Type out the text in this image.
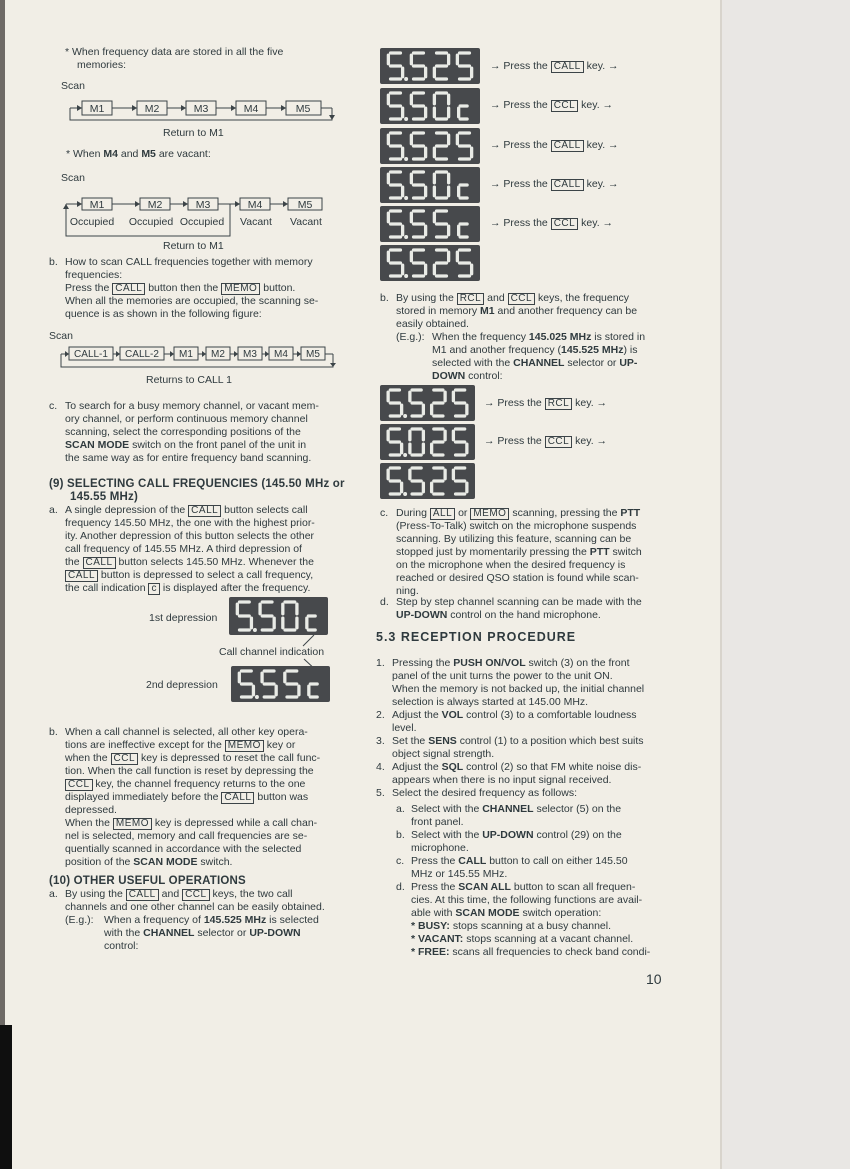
* When frequency data are stored in all the five
memories:
Scan
M1	M2	M3	M4	M5
Return to M1
* When M4 and M5 are vacant:
Scan
M1	M2	M3	M4	M5
Occupied Occupied Occupied Vacant Vacant
Return to M1
b. How to scan CALL frequencies together with memory
frequencies:
Press the CALL button then the MEMO button.
When all the memories are occupied, the scanning se-
quence is as shown in the following figure:
Scan
CALL-1 CALL-2 M1 M2 M3 M4 M5
Returns to CALL 1
c. To search for a busy memory channel, or vacant mem-
ory channel, or perform continuous memory channel
scanning, select the corresponding positions of the
SCAN MODE switch on the front panel of the unit in
the same way as for entire frequency band scanning.
(9) SELECTING CALL FREQUENCIES (145.50 MHz or
145.55 MHz)
a. A single depression of the CALL button selects call
frequency 145.50 MHz, the one with the highest prior-
ity. Another depression of this button selects the other
call frequency of 145.55 MHz. A third depression of
the CALL button selects 145.50 MHz. Whenever the
CALL button is depressed to select a call frequency,
the call indication c is displayed after the frequency.
1st depression
Call channel indication
2nd depression
b. When a call channel is selected, all other key opera-
tions are ineffective except for the MEMO key or
when the CCL key is depressed to reset the call func-
tion. When the call function is reset by depressing the
CCL key, the channel frequency returns to the one
displayed immediately before the CALL button was
depressed.
When the MEMO key is depressed while a call chan-
nel is selected, memory and call frequencies are se-
quentially scanned in accordance with the selected
position of the SCAN MODE switch.
(10) OTHER USEFUL OPERATIONS
a. By using the CALL and CCL keys, the two call
channels and one other channel can be easily obtained.
(E.g.): When a frequency of 145.525 MHz is selected
with the CHANNEL selector or UP-DOWN
control:
→ Press the CALL key. →
→ Press the CCL key. →
→ Press the CALL key. →
→ Press the CALL key. →
→ Press the CCL key. →
b. By using the RCL and CCL keys, the frequency
stored in memory M1 and another frequency can be
easily obtained.
(E.g.): When the frequency 145.025 MHz is stored in
M1 and another frequency (145.525 MHz) is
selected with the CHANNEL selector or UP-
DOWN control:
→ Press the RCL key. →
→ Press the CCL key. →
c. During ALL or MEMO scanning, pressing the PTT
(Press-To-Talk) switch on the microphone suspends
scanning. By utilizing this feature, scanning can be
stopped just by momentarily pressing the PTT switch
on the microphone when the desired frequency is
reached or desired QSO station is found while scan-
ning.
d. Step by step channel scanning can be made with the
UP-DOWN control on the hand microphone.
5.3 RECEPTION PROCEDURE
1. Pressing the PUSH ON/VOL switch (3) on the front
panel of the unit turns the power to the unit ON.
When the memory is not backed up, the initial channel
selection is always started at 145.00 MHz.
2. Adjust the VOL control (3) to a comfortable loudness
level.
3. Set the SENS control (1) to a position which best suits
object signal strength.
4. Adjust the SQL control (2) so that FM white noise dis-
appears when there is no input signal received.
5. Select the desired frequency as follows:
a. Select with the CHANNEL selector (5) on the
front panel.
b. Select with the UP-DOWN control (29) on the
microphone.
c. Press the CALL button to call on either 145.50
MHz or 145.55 MHz.
d. Press the SCAN ALL button to scan all frequen-
cies. At this time, the following functions are avail-
able with SCAN MODE switch operation:
* BUSY: stops scanning at a busy channel.
* VACANT: stops scanning at a vacant channel.
* FREE: scans all frequencies to check band condi-
10
